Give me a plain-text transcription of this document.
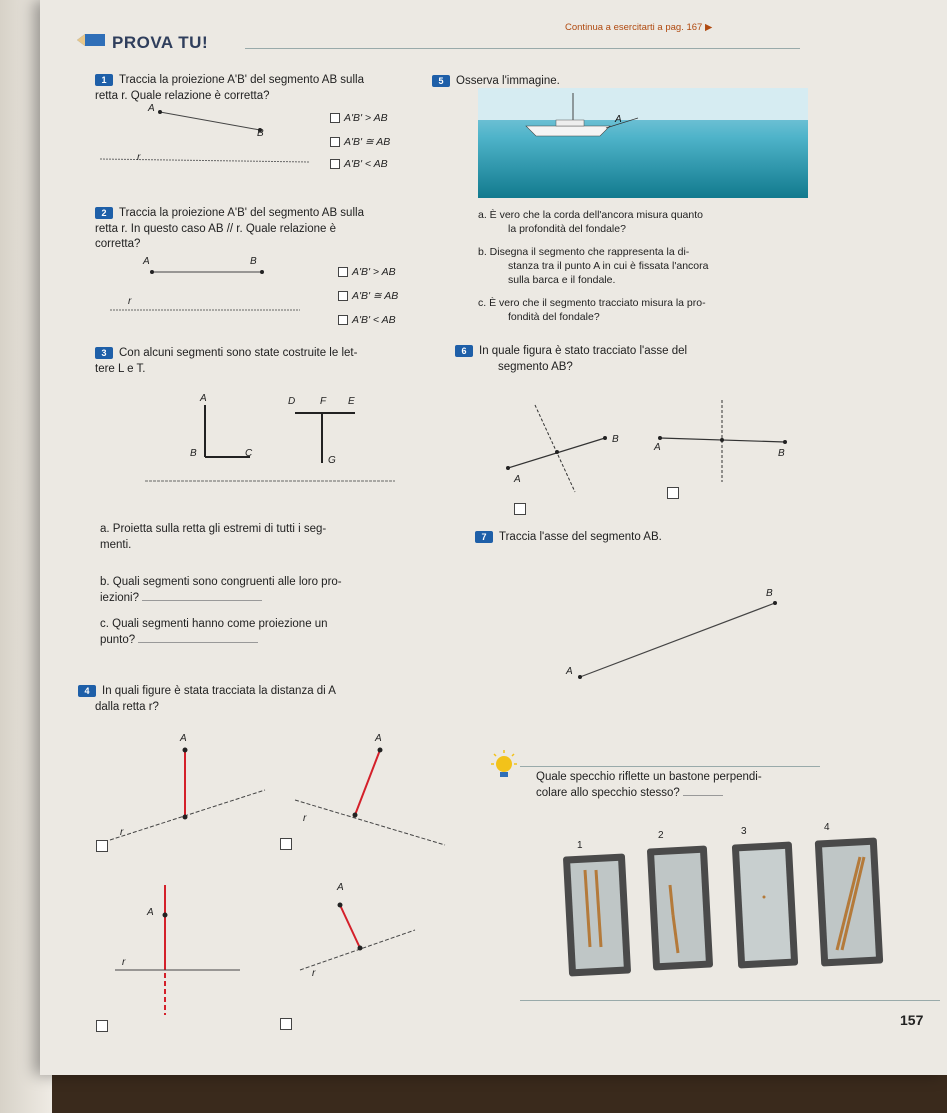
PROVA TU!
Continua a esercitarti a pag. 167 ▶
1 Traccia la proiezione A'B' del segmento AB sulla
retta r. Quale relazione è corretta?
A
B
r
A'B' > AB
A'B' ≅ AB
A'B' < AB
2 Traccia la proiezione A'B' del segmento AB sulla
retta r. In questo caso AB // r. Quale relazione è
corretta?
A	B
r
A'B' > AB
A'B' ≅ AB
A'B' < AB
3 Con alcuni segmenti sono state costruite le let-
tere L e T.
A
B	C
D F E
G
a. Proietta sulla retta gli estremi di tutti i seg-
menti.
b. Quali segmenti sono congruenti alle loro pro-
iezioni?
c. Quali segmenti hanno come proiezione un
punto?
4 In quali figure è stata tracciata la distanza di A
dalla retta r?
A
r
A
r
A
r
A
r
5 Osserva l'immagine.
A
a. È vero che la corda dell'ancora misura quanto
la profondità del fondale?
b. Disegna il segmento che rappresenta la di-
stanza tra il punto A in cui è fissata l'ancora
sulla barca e il fondale.
c. È vero che il segmento tracciato misura la pro-
fondità del fondale?
6 In quale figura è stato tracciato l'asse del
segmento AB?
B
A
A
B
7 Traccia l'asse del segmento AB.
B
A
Quale specchio riflette un bastone perpendi-
colare allo specchio stesso?
1
2	3	4
157
